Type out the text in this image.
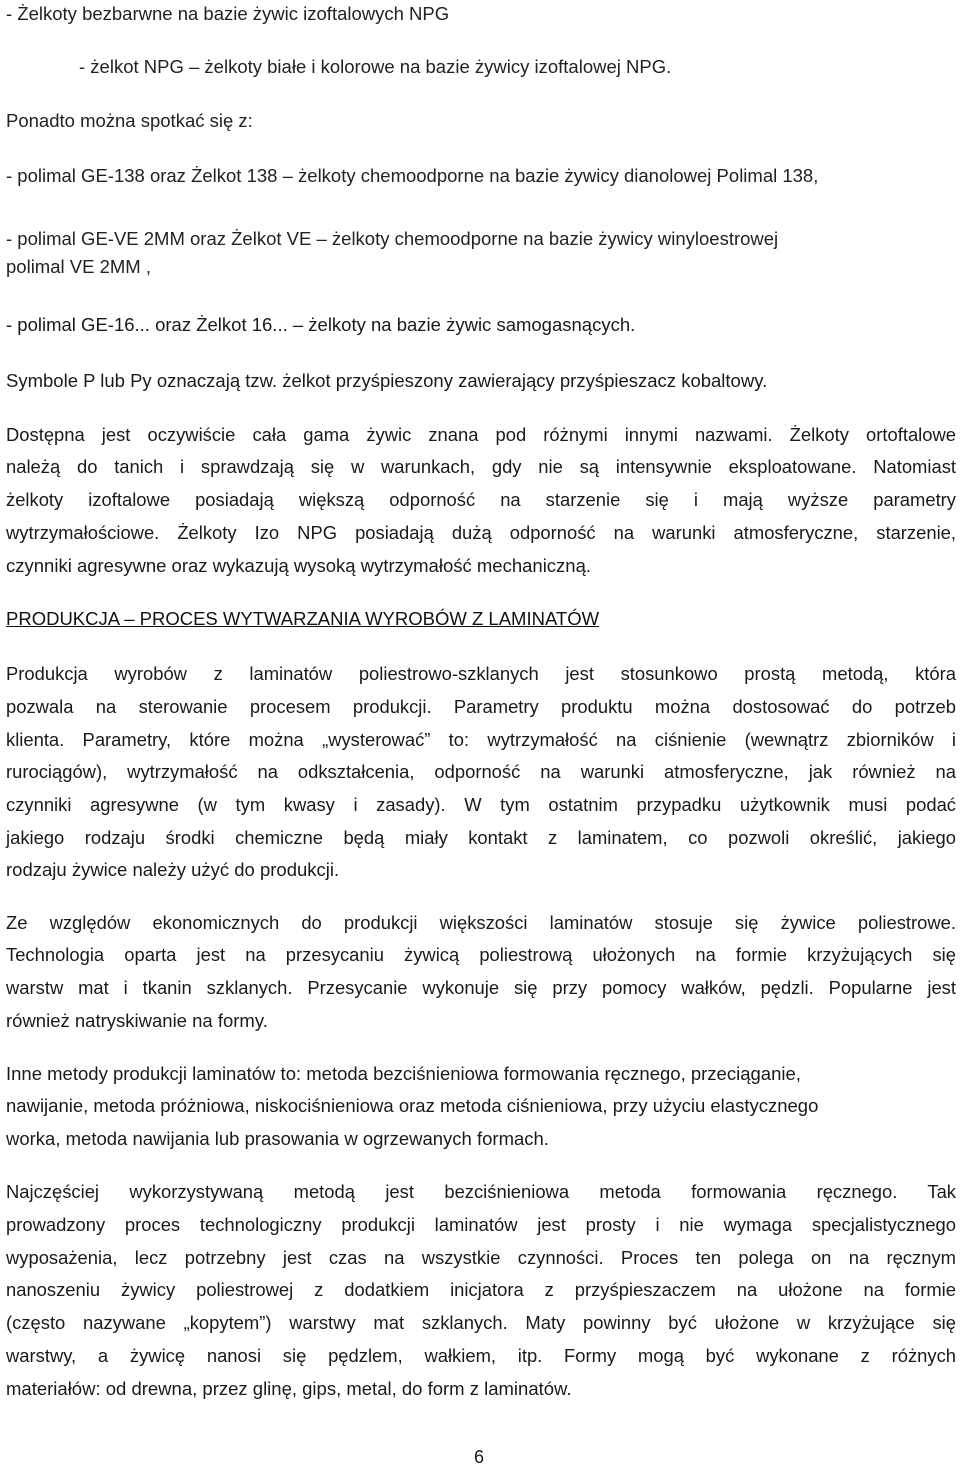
- Żelkoty bezbarwne na bazie żywic izoftalowych NPG
- żelkot NPG – żelkoty białe i kolorowe na bazie żywicy izoftalowej NPG.
Ponadto można spotkać się z:
- polimal GE-138 oraz Żelkot 138 – żelkoty chemoodporne na bazie żywicy dianolowej Polimal 138,
- polimal GE-VE 2MM oraz Żelkot VE – żelkoty chemoodporne na bazie żywicy winyloestrowej
polimal VE 2MM ,
- polimal GE-16... oraz Żelkot 16... – żelkoty na bazie żywic samogasnących.
Symbole P lub Py oznaczają tzw. żelkot przyśpieszony zawierający przyśpieszacz kobaltowy.
Dostępna jest oczywiście cała gama żywic znana pod różnymi innymi nazwami. Żelkoty ortoftalowe
należą do tanich i sprawdzają się w warunkach, gdy nie są intensywnie eksploatowane. Natomiast
żelkoty izoftalowe posiadają większą odporność na starzenie się i mają wyższe parametry
wytrzymałościowe. Żelkoty Izo NPG posiadają dużą odporność na warunki atmosferyczne, starzenie,
czynniki agresywne oraz wykazują wysoką wytrzymałość mechaniczną.
PRODUKCJA – PROCES WYTWARZANIA WYROBÓW Z LAMINATÓW
Produkcja wyrobów z laminatów poliestrowo-szklanych jest stosunkowo prostą metodą, która
pozwala na sterowanie procesem produkcji. Parametry produktu można dostosować do potrzeb
klienta. Parametry, które można „wysterować” to: wytrzymałość na ciśnienie (wewnątrz zbiorników i
rurociągów), wytrzymałość na odkształcenia, odporność na warunki atmosferyczne, jak również na
czynniki agresywne (w tym kwasy i zasady). W tym ostatnim przypadku użytkownik musi podać
jakiego rodzaju środki chemiczne będą miały kontakt z laminatem, co pozwoli określić, jakiego
rodzaju żywice należy użyć do produkcji.
Ze względów ekonomicznych do produkcji większości laminatów stosuje się żywice poliestrowe.
Technologia oparta jest na przesycaniu żywicą poliestrową ułożonych na formie krzyżujących się
warstw mat i tkanin szklanych. Przesycanie wykonuje się przy pomocy wałków, pędzli. Popularne jest
również natryskiwanie na formy.
Inne metody produkcji laminatów to: metoda bezciśnieniowa formowania ręcznego, przeciąganie,
nawijanie, metoda próżniowa, niskociśnieniowa oraz metoda ciśnieniowa, przy użyciu elastycznego
worka, metoda nawijania lub prasowania w ogrzewanych formach.
Najczęściej wykorzystywaną metodą jest bezciśnieniowa metoda formowania ręcznego. Tak
prowadzony proces technologiczny produkcji laminatów jest prosty i nie wymaga specjalistycznego
wyposażenia, lecz potrzebny jest czas na wszystkie czynności. Proces ten polega on na ręcznym
nanoszeniu żywicy poliestrowej z dodatkiem inicjatora z przyśpieszaczem na ułożone na formie
(często nazywane „kopytem”) warstwy mat szklanych. Maty powinny być ułożone w krzyżujące się
warstwy, a żywicę nanosi się pędzlem, wałkiem, itp. Formy mogą być wykonane z różnych
materiałów: od drewna, przez glinę, gips, metal, do form z laminatów.
6
